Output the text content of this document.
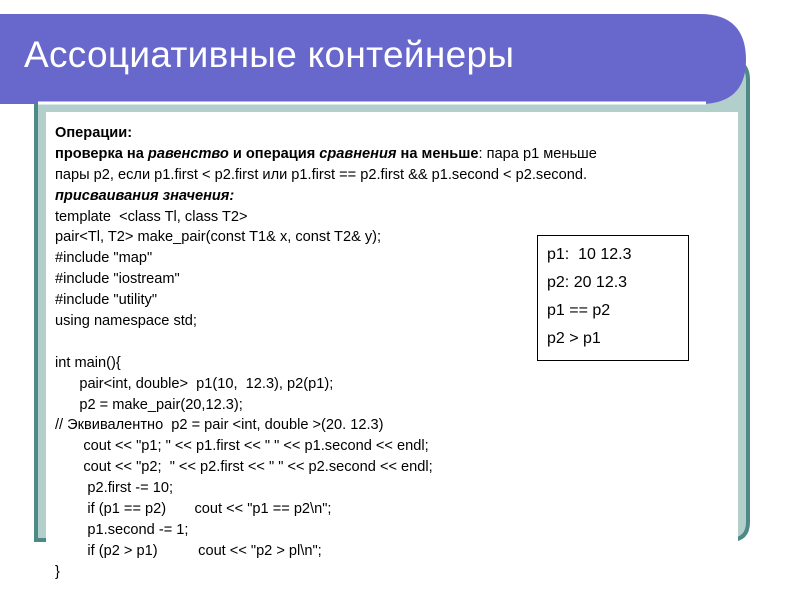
Ассоциативные контейнеры
Операции:
проверка на равенство и операция сравнения на меньше: пара р1 меньше
пары р2, если p1.first < p2.first или p1.first == p2.first && p1.second < p2.second.
присваивания значения:
template  <class Tl, class T2>
pair<Tl, T2> make_pair(const T1& x, const T2& y);
#include "map"
#include "iostream"
#include "utility"
using namespace std;
int main(){
pair<int, double>  p1(10,  12.3), p2(p1);
p2 = make_pair(20,12.3);
// Эквивалентно  p2 = pair <int, double >(20. 12.3)
cout << "p1; " << p1.first << " " << p1.second << endl;
cout << "p2;  " << p2.first << " " << p2.second << endl;
p2.first -= 10;
if (p1 == p2)       cout << "p1 == p2\n";
p1.second -= 1;
if (p2 > p1)          cout << "p2 > pl\n";
}
p1:  10 12.3
p2: 20 12.3
p1 == p2
p2 > p1
